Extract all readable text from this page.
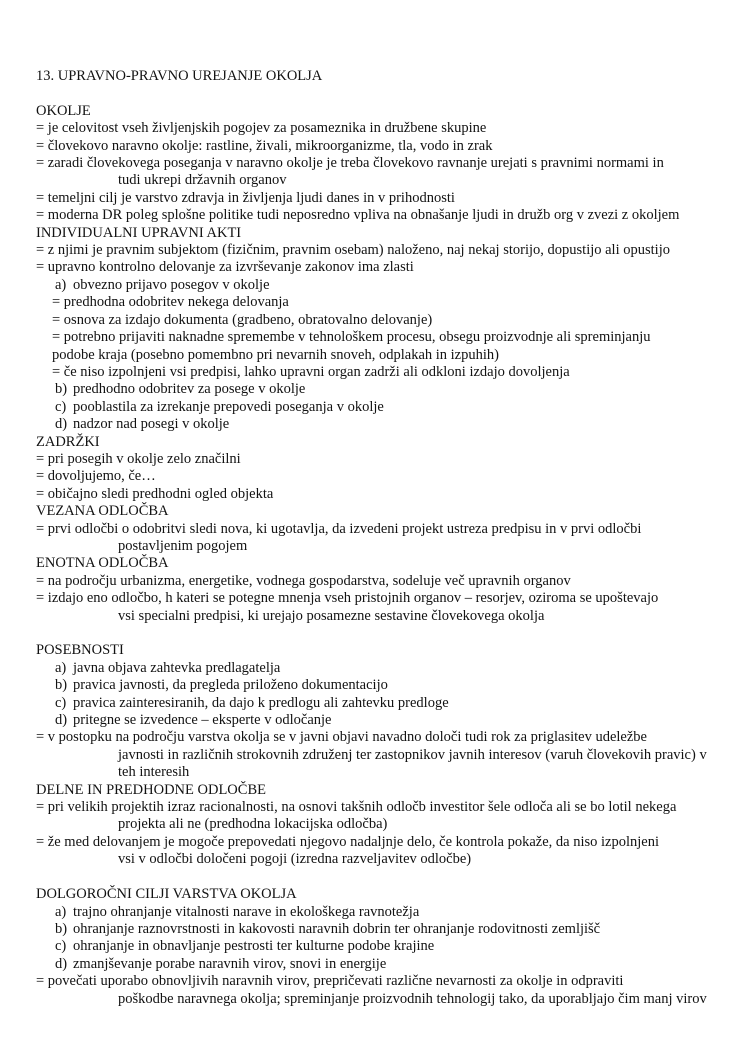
13. UPRAVNO-PRAVNO UREJANJE OKOLJA

OKOLJE
= je celovitost vseh življenjskih pogojev za posameznika in družbene skupine
= človekovo naravno okolje: rastline, živali, mikroorganizme, tla, vodo in zrak
= zaradi človekovega poseganja v naravno okolje je treba človekovo ravnanje urejati s pravnimi normami in
tudi ukrepi državnih organov
= temeljni cilj je varstvo zdravja in življenja ljudi danes in v prihodnosti
= moderna DR poleg splošne politike tudi neposredno vpliva na obnašanje ljudi in družb org v zvezi z okoljem
INDIVIDUALNI UPRAVNI AKTI
= z njimi je pravnim subjektom (fizičnim, pravnim osebam) naloženo, naj nekaj storijo, dopustijo ali opustijo
= upravno kontrolno delovanje za izvrševanje zakonov ima zlasti
a) obvezno prijavo posegov v okolje
= predhodna odobritev nekega delovanja
= osnova za izdajo dokumenta (gradbeno, obratovalno delovanje)
= potrebno prijaviti naknadne spremembe v tehnološkem procesu, obsegu proizvodnje ali spreminjanju
podobe kraja (posebno pomembno pri nevarnih snoveh, odplakah in izpuhih)
= če niso izpolnjeni vsi predpisi, lahko upravni organ zadrži ali odkloni izdajo dovoljenja
b) predhodno odobritev za posege v okolje
c) pooblastila za izrekanje prepovedi poseganja v okolje
d) nadzor nad posegi v okolje
ZADRŽKI
= pri posegih v okolje zelo značilni
= dovoljujemo, če…
= običajno sledi predhodni ogled objekta
VEZANA ODLOČBA
= prvi odločbi o odobritvi sledi nova, ki ugotavlja, da izvedeni projekt ustreza predpisu in v prvi odločbi
postavljenim pogojem
ENOTNA ODLOČBA
= na področju urbanizma, energetike, vodnega gospodarstva, sodeluje več upravnih organov
= izdajo eno odločbo, h kateri se potegne mnenja vseh pristojnih organov – resorjev, oziroma se upoštevajo
vsi specialni predpisi, ki urejajo posamezne sestavine človekovega okolja

POSEBNOSTI
a) javna objava zahtevka predlagatelja
b) pravica javnosti, da pregleda priloženo dokumentacijo
c) pravica zainteresiranih, da dajo k predlogu ali zahtevku predloge
d) pritegne se izvedence – eksperte v odločanje
= v postopku na področju varstva okolja se v javni objavi navadno določi tudi rok za priglasitev udeležbe
javnosti in različnih strokovnih združenj ter zastopnikov javnih interesov (varuh človekovih pravic) v
teh interesih
DELNE IN PREDHODNE ODLOČBE
= pri velikih projektih izraz racionalnosti, na osnovi takšnih odločb investitor šele odloča ali se bo lotil nekega
projekta ali ne (predhodna lokacijska odločba)
= že med delovanjem je mogoče prepovedati njegovo nadaljnje delo, če kontrola pokaže, da niso izpolnjeni
vsi v odločbi določeni pogoji (izredna razveljavitev odločbe)

DOLGOROČNI CILJI VARSTVA OKOLJA
a) trajno ohranjanje vitalnosti narave in ekološkega ravnotežja
b) ohranjanje raznovrstnosti in kakovosti naravnih dobrin ter ohranjanje rodovitnosti zemljišč
c) ohranjanje in obnavljanje pestrosti ter kulturne podobe krajine
d) zmanjševanje porabe naravnih virov, snovi in energije
= povečati uporabo obnovljivih naravnih virov, prepričevati različne nevarnosti za okolje in odpraviti
poškodbe naravnega okolja; spreminjanje proizvodnih tehnologij tako, da uporabljajo čim manj virov
